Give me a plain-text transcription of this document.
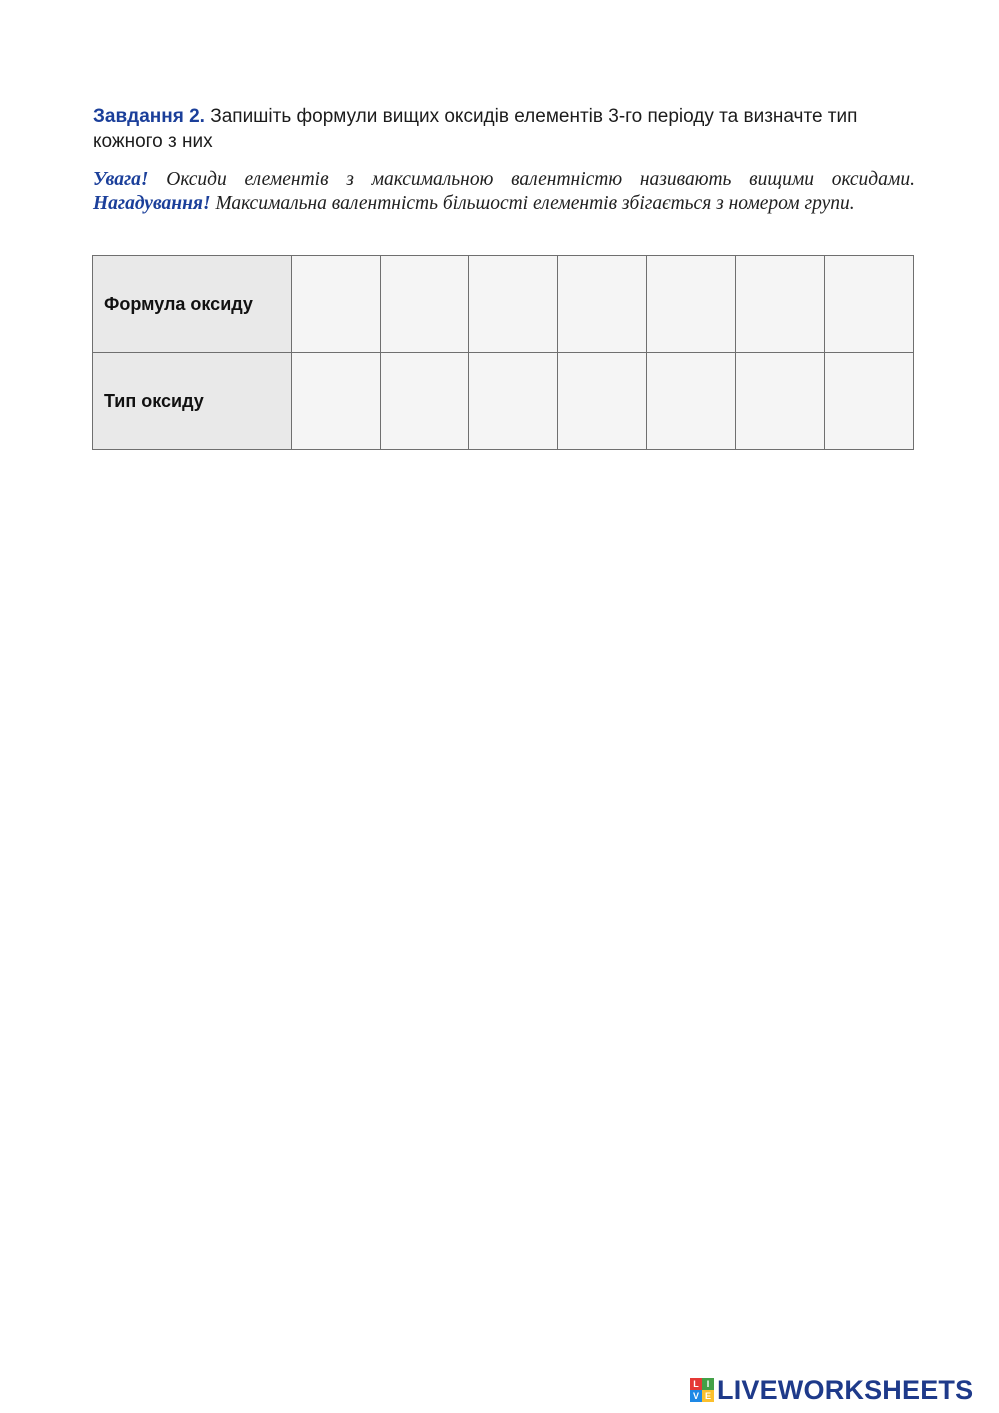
Завдання 2. Запишіть формули вищих оксидів елементів 3-го періоду та визначте тип кожного з них
Увага! Оксиди елементів з максимальною валентністю називають вищими оксидами. Нагадування! Максимальна валентність більшості елементів збігається з номером групи.
Формула оксиду							
Тип оксиду							
L I
V E LIVEWORKSHEETS
